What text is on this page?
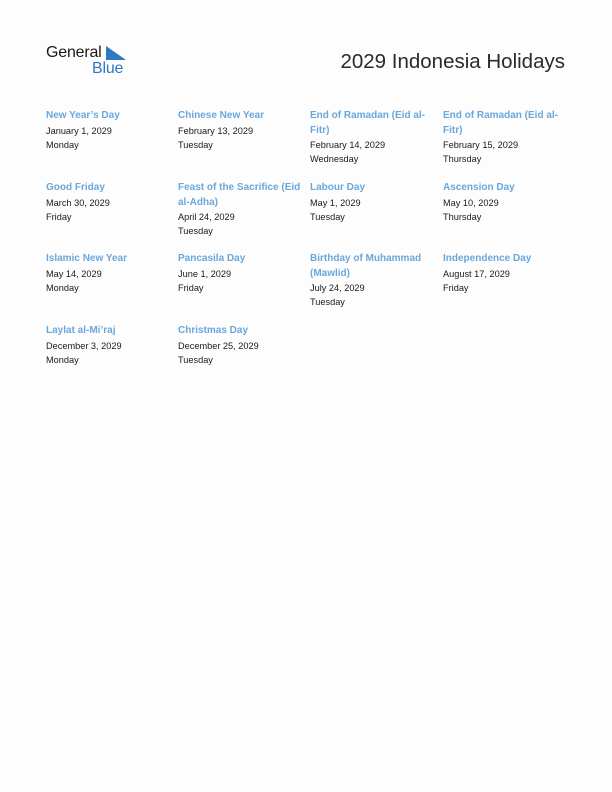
General
Blue	2029 Indonesia Holidays
New Year’s Day
January 1, 2029
Monday
Chinese New Year
February 13, 2029
Tuesday
End of Ramadan (Eid al-Fitr)
February 14, 2029
Wednesday
End of Ramadan (Eid al-Fitr)
February 15, 2029
Thursday
Good Friday
March 30, 2029
Friday
Feast of the Sacrifice (Eid al-Adha)
April 24, 2029
Tuesday
Labour Day
May 1, 2029
Tuesday
Ascension Day
May 10, 2029
Thursday
Islamic New Year
May 14, 2029
Monday
Pancasila Day
June 1, 2029
Friday
Birthday of Muhammad (Mawlid)
July 24, 2029
Tuesday
Independence Day
August 17, 2029
Friday
Laylat al-Mi’raj
December 3, 2029
Monday
Christmas Day
December 25, 2029
Tuesday
